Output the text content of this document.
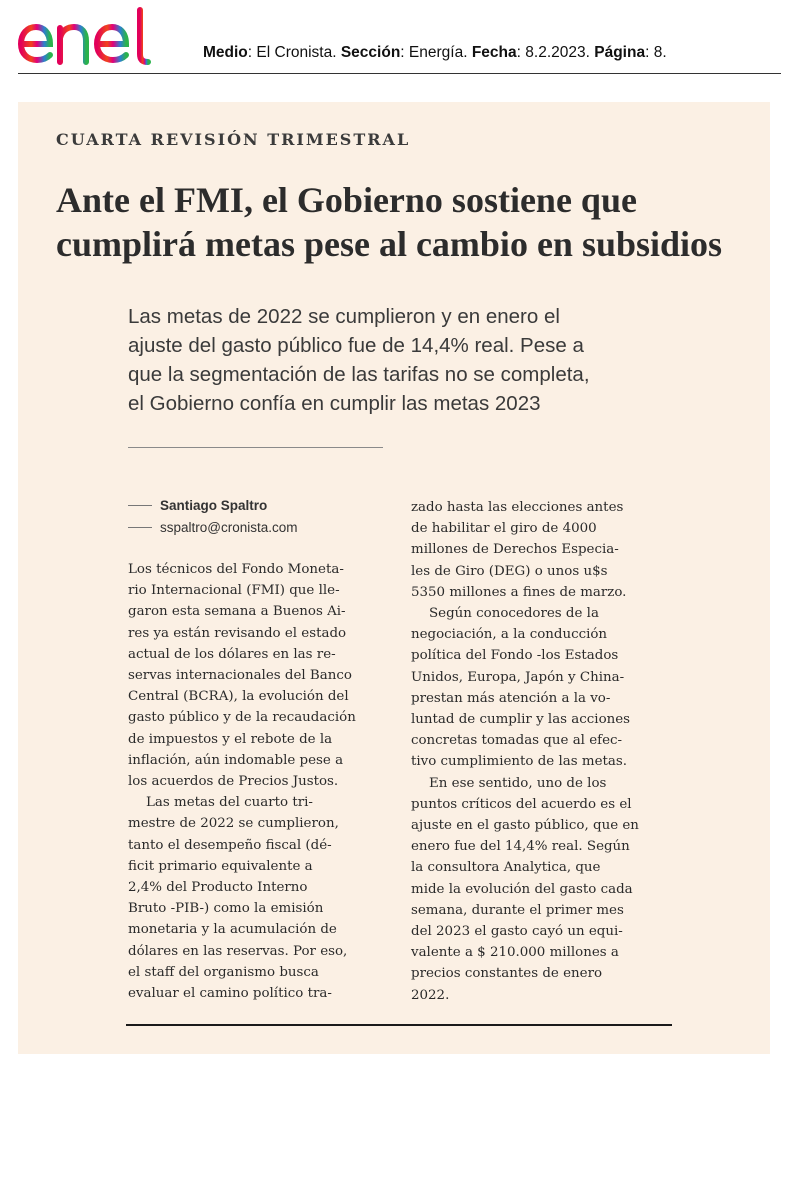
enel
Medio: El Cronista. Sección: Energía. Fecha: 8.2.2023. Página: 8.
CUARTA REVISIÓN TRIMESTRAL
Ante el FMI, el Gobierno sostiene que
cumplirá metas pese al cambio en subsidios
Las metas de 2022 se cumplieron y en enero el
ajuste del gasto público fue de 14,4% real. Pese a
que la segmentación de las tarifas no se completa,
el Gobierno confía en cumplir las metas 2023
Santiago Spaltro
sspaltro@cronista.com
Los técnicos del Fondo Moneta-
rio Internacional (FMI) que lle-
garon esta semana a Buenos Ai-
res ya están revisando el estado
actual de los dólares en las re-
servas internacionales del Banco
Central (BCRA), la evolución del
gasto público y de la recaudación
de impuestos y el rebote de la
inflación, aún indomable pese a
los acuerdos de Precios Justos.
Las metas del cuarto tri-
mestre de 2022 se cumplieron,
tanto el desempeño fiscal (dé-
ficit primario equivalente a
2,4% del Producto Interno
Bruto -PIB-) como la emisión
monetaria y la acumulación de
dólares en las reservas. Por eso,
el staff del organismo busca
evaluar el camino político tra-
zado hasta las elecciones antes
de habilitar el giro de 4000
millones de Derechos Especia-
les de Giro (DEG) o unos u$s
5350 millones a fines de marzo.
Según conocedores de la
negociación, a la conducción
política del Fondo -los Estados
Unidos, Europa, Japón y China-
prestan más atención a la vo-
luntad de cumplir y las acciones
concretas tomadas que al efec-
tivo cumplimiento de las metas.
En ese sentido, uno de los
puntos críticos del acuerdo es el
ajuste en el gasto público, que en
enero fue del 14,4% real. Según
la consultora Analytica, que
mide la evolución del gasto cada
semana, durante el primer mes
del 2023 el gasto cayó un equi-
valente a $ 210.000 millones a
precios constantes de enero
2022.
